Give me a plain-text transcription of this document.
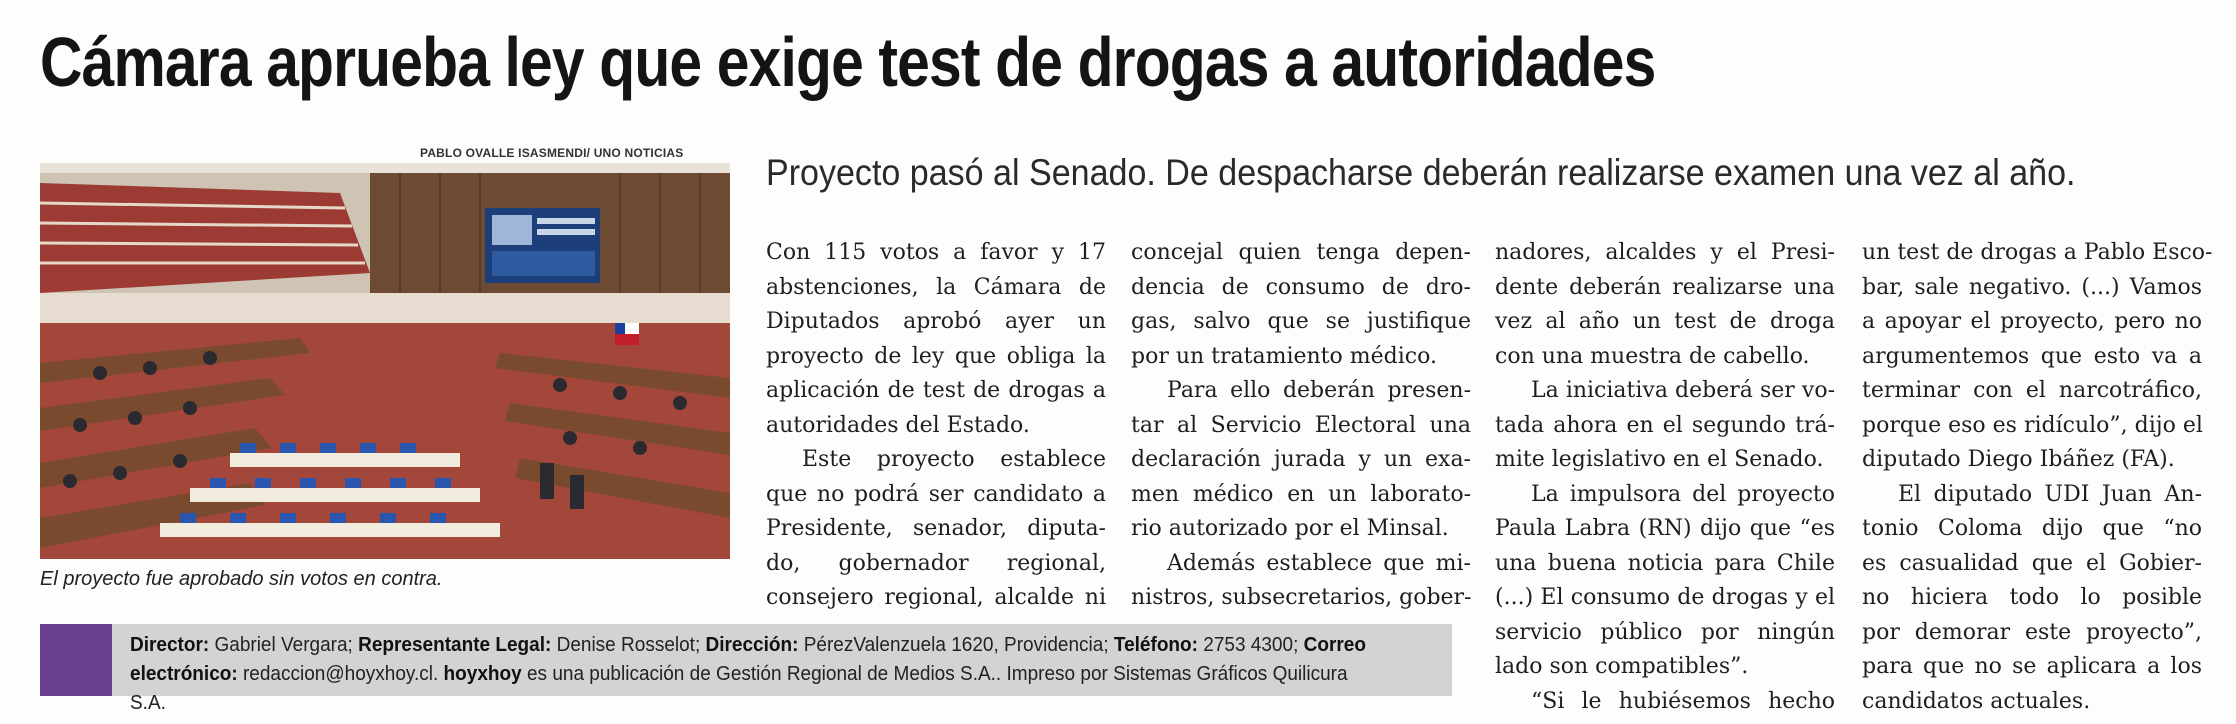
Cámara aprueba ley que exige test de drogas a autoridades
PABLO OVALLE ISASMENDI/ UNO NOTICIAS
El proyecto fue aprobado sin votos en contra.
Proyecto pasó al Senado. De despacharse deberán realizarse examen una vez al año.
Con 115 votos a favor y 17
abstenciones, la Cámara de
Diputados aprobó ayer un
proyecto de ley que obliga la
aplicación de test de drogas a
autoridades del Estado.
Este proyecto establece
que no podrá ser candidato a
Presidente, senador, diputa-
do, gobernador regional,
consejero regional, alcalde ni
concejal quien tenga depen-
dencia de consumo de dro-
gas, salvo que se justifique
por un tratamiento médico.
Para ello deberán presen-
tar al Servicio Electoral una
declaración jurada y un exa-
men médico en un laborato-
rio autorizado por el Minsal.
Además establece que mi-
nistros, subsecretarios, gober-
nadores, alcaldes y el Presi-
dente deberán realizarse una
vez al año un test de droga
con una muestra de cabello.
La iniciativa deberá ser vo-
tada ahora en el segundo trá-
mite legislativo en el Senado.
La impulsora del proyecto
Paula Labra (RN) dijo que “es
una buena noticia para Chile
(...) El consumo de drogas y el
servicio público por ningún
lado son compatibles”.
“Si le hubiésemos hecho
un test de drogas a Pablo Esco-
bar, sale negativo. (...) Vamos
a apoyar el proyecto, pero no
argumentemos que esto va a
terminar con el narcotráfico,
porque eso es ridículo”, dijo el
diputado Diego Ibáñez (FA).
El diputado UDI Juan An-
tonio Coloma dijo que “no
es casualidad que el Gobier-
no hiciera todo lo posible
por demorar este proyecto”,
para que no se aplicara a los
candidatos actuales.
Director: Gabriel Vergara; Representante Legal: Denise Rosselot; Dirección: PérezValenzuela 1620, Providencia; Teléfono: 2753 4300; Correo electrónico: redaccion@hoyxhoy.cl. hoyxhoy es una publicación de Gestión Regional de Medios S.A.. Impreso por Sistemas Gráficos Quilicura S.A.
